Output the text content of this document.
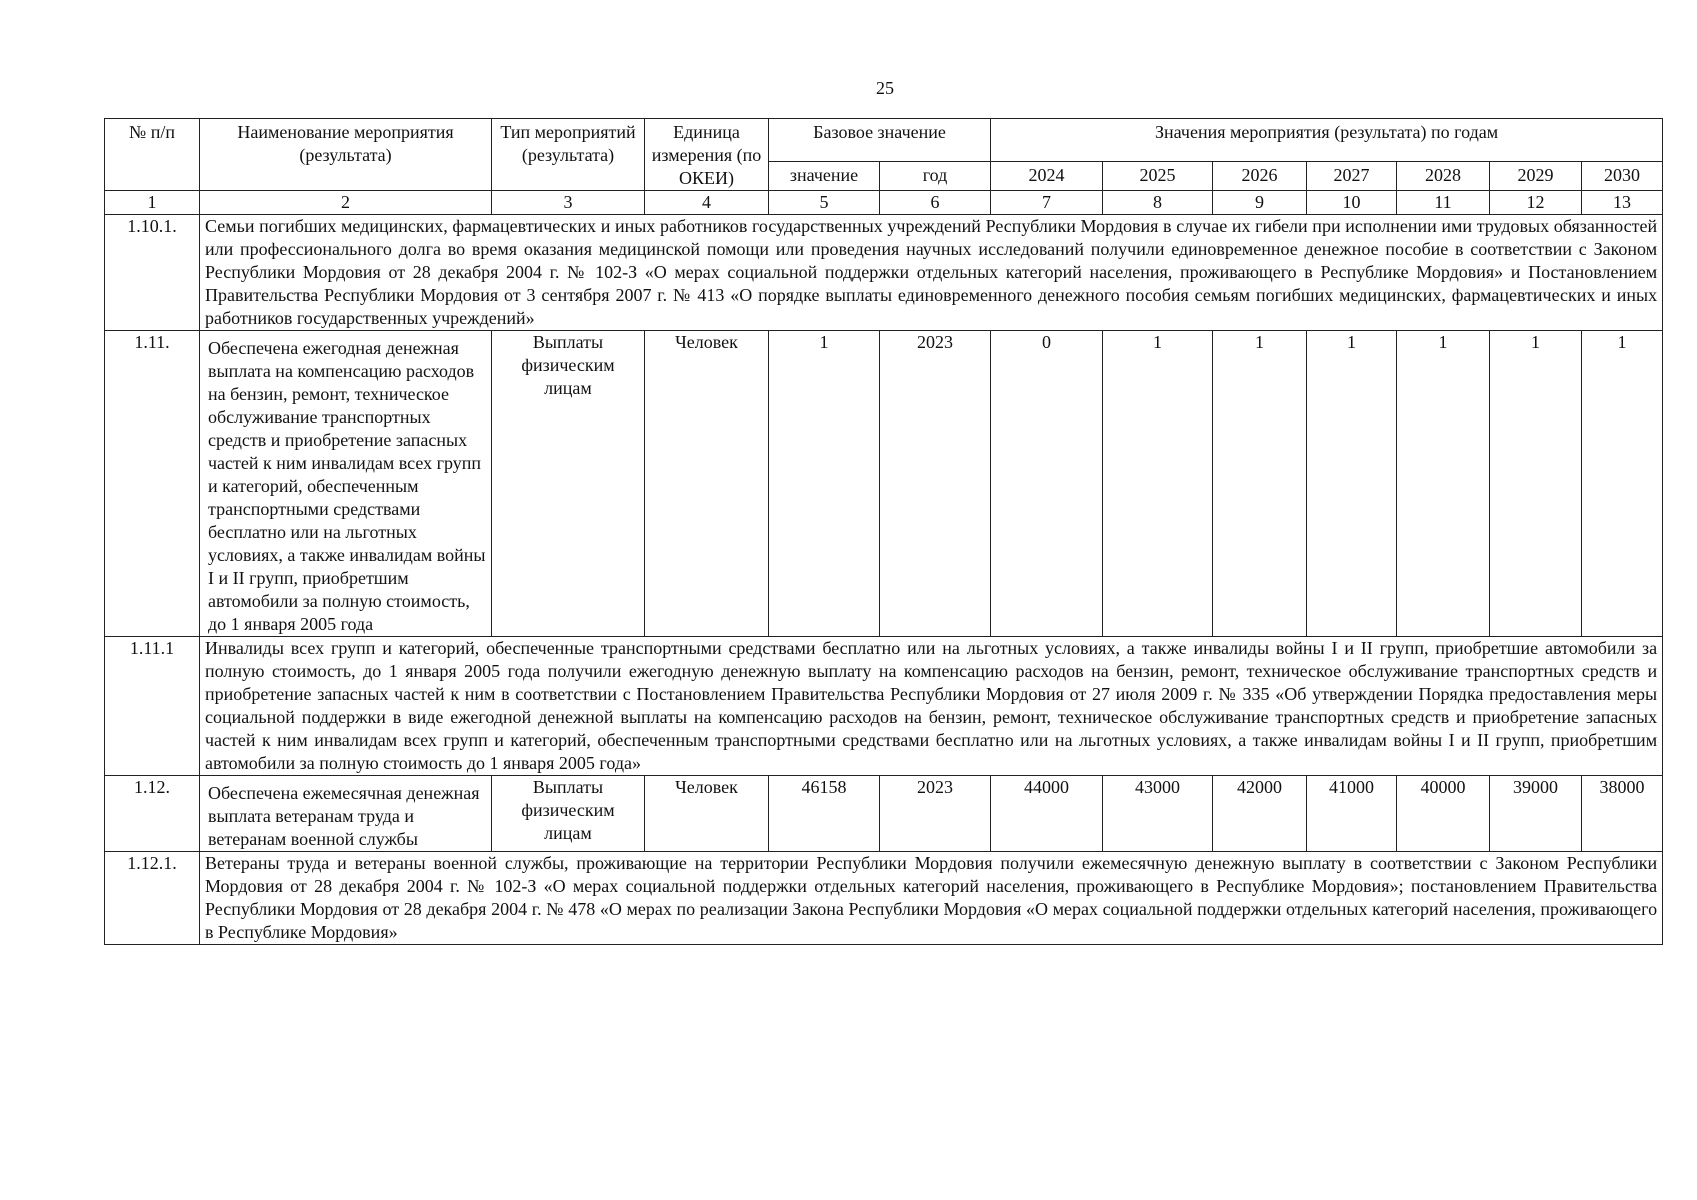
25
№ п/п	Наименование мероприятия (результата)	Тип мероприятий (результата)	Единица измерения (по ОКЕИ)	Базовое значение		Значения мероприятия (результата) по годам						
				значение	год	2024	2025	2026	2027	2028	2029	2030
1	2	3	4	5	6	7	8	9	10	11	12	13
1.10.1.	Семьи погибших медицинских, фармацевтических и иных работников государственных учреждений Республики Мордовия в случае их гибели при исполнении ими трудовых обязанностей или профессионального долга во время оказания медицинской помощи или проведения научных исследований получили единовременное денежное пособие в соответствии с Законом Республики Мордовия от 28 декабря 2004 г. № 102-З «О мерах социальной поддержки отдельных категорий населения, проживающего в Республике Мордовия» и Постановлением Правительства Республики Мордовия от 3 сентября 2007 г. № 413 «О порядке выплаты единовременного денежного пособия семьям погибших медицинских, фармацевтических и иных работников государственных учреждений»											
1.11.	Обеспечена ежегодная денежная выплата на компенсацию расходов на бензин, ремонт, техническое обслуживание транспортных средств и приобретение запасных частей к ним инвалидам всех групп и категорий, обеспеченным транспортными средствами бесплатно или на льготных условиях, а также инвалидам войны I и II групп, приобретшим автомобили за полную стоимость, до 1 января 2005 года	Выплаты физическим лицам	Человек	1	2023	0	1	1	1	1	1	1
1.11.1	Инвалиды всех групп и категорий, обеспеченные транспортными средствами бесплатно или на льготных условиях, а также инвалиды войны I и II групп, приобретшие автомобили за полную стоимость, до 1 января 2005 года получили ежегодную денежную выплату на компенсацию расходов на бензин, ремонт, техническое обслуживание транспортных средств и приобретение запасных частей к ним в соответствии с Постановлением Правительства Республики Мордовия от 27 июля 2009 г. № 335 «Об утверждении Порядка предоставления меры социальной поддержки в виде ежегодной денежной выплаты на компенсацию расходов на бензин, ремонт, техническое обслуживание транспортных средств и приобретение запасных частей к ним инвалидам всех групп и категорий, обеспеченным транспортными средствами бесплатно или на льготных условиях, а также инвалидам войны I и II групп, приобретшим автомобили за полную стоимость до 1 января 2005 года»											
1.12.	Обеспечена ежемесячная денежная выплата ветеранам труда и ветеранам военной службы	Выплаты физическим лицам	Человек	46158	2023	44000	43000	42000	41000	40000	39000	38000
1.12.1.	Ветераны труда и ветераны военной службы, проживающие на территории Республики Мордовия получили ежемесячную денежную выплату в соответствии с Законом Республики Мордовия от 28 декабря 2004 г. № 102-З «О мерах социальной поддержки отдельных категорий населения, проживающего в Республике Мордовия»; постановлением Правительства Республики Мордовия от 28 декабря 2004 г. № 478 «О мерах по реализации Закона Республики Мордовия «О мерах социальной поддержки отдельных категорий населения, проживающего в Республике Мордовия»											
